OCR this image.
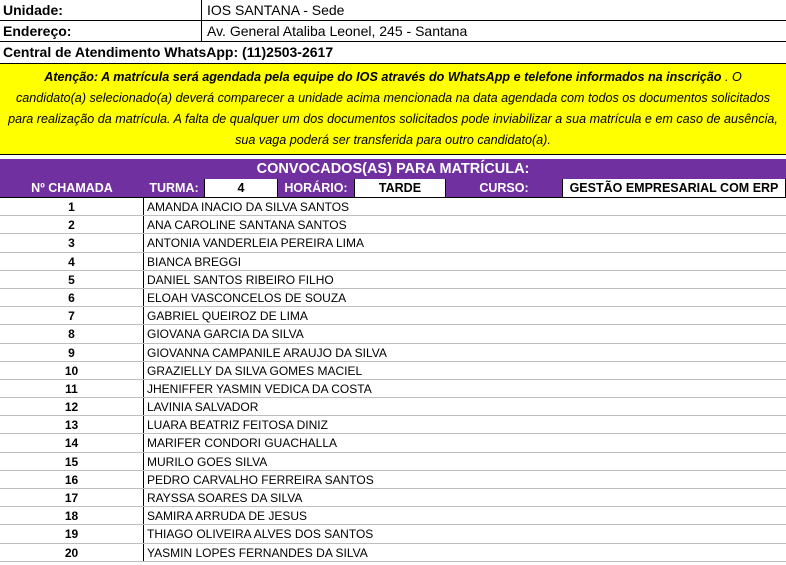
Unidade:	IOS SANTANA - Sede
Endereço:	Av. General Ataliba Leonel, 245 - Santana
Central de Atendimento WhatsApp: (11)2503-2617
Atenção: A matrícula será agendada pela equipe do IOS através do WhatsApp e telefone informados na inscrição . O candidato(a) selecionado(a) deverá comparecer a unidade acima mencionada na data agendada com todos os documentos solicitados para realização da matrícula. A falta de qualquer um dos documentos solicitados pode inviabilizar a sua matrícula e em caso de ausência, sua vaga poderá ser transferida para outro candidato(a).
CONVOCADOS(AS) PARA MATRÍCULA:
Nº CHAMADA	TURMA:	4	HORÁRIO:	TARDE	CURSO:	GESTÃO EMPRESARIAL COM ERP
1	AMANDA INACIO DA SILVA SANTOS
2	ANA CAROLINE SANTANA SANTOS
3	ANTONIA VANDERLEIA PEREIRA LIMA
4	BIANCA BREGGI
5	DANIEL SANTOS RIBEIRO FILHO
6	ELOAH VASCONCELOS DE SOUZA
7	GABRIEL QUEIROZ DE LIMA
8	GIOVANA GARCIA DA SILVA
9	GIOVANNA CAMPANILE ARAUJO DA SILVA
10	GRAZIELLY DA SILVA GOMES MACIEL
11	JHENIFFER YASMIN VEDICA DA COSTA
12	LAVINIA SALVADOR
13	LUARA BEATRIZ FEITOSA DINIZ
14	MARIFER CONDORI GUACHALLA
15	MURILO GOES SILVA
16	PEDRO CARVALHO FERREIRA SANTOS
17	RAYSSA SOARES DA SILVA
18	SAMIRA ARRUDA DE JESUS
19	THIAGO OLIVEIRA ALVES DOS SANTOS
20	YASMIN LOPES FERNANDES DA SILVA
